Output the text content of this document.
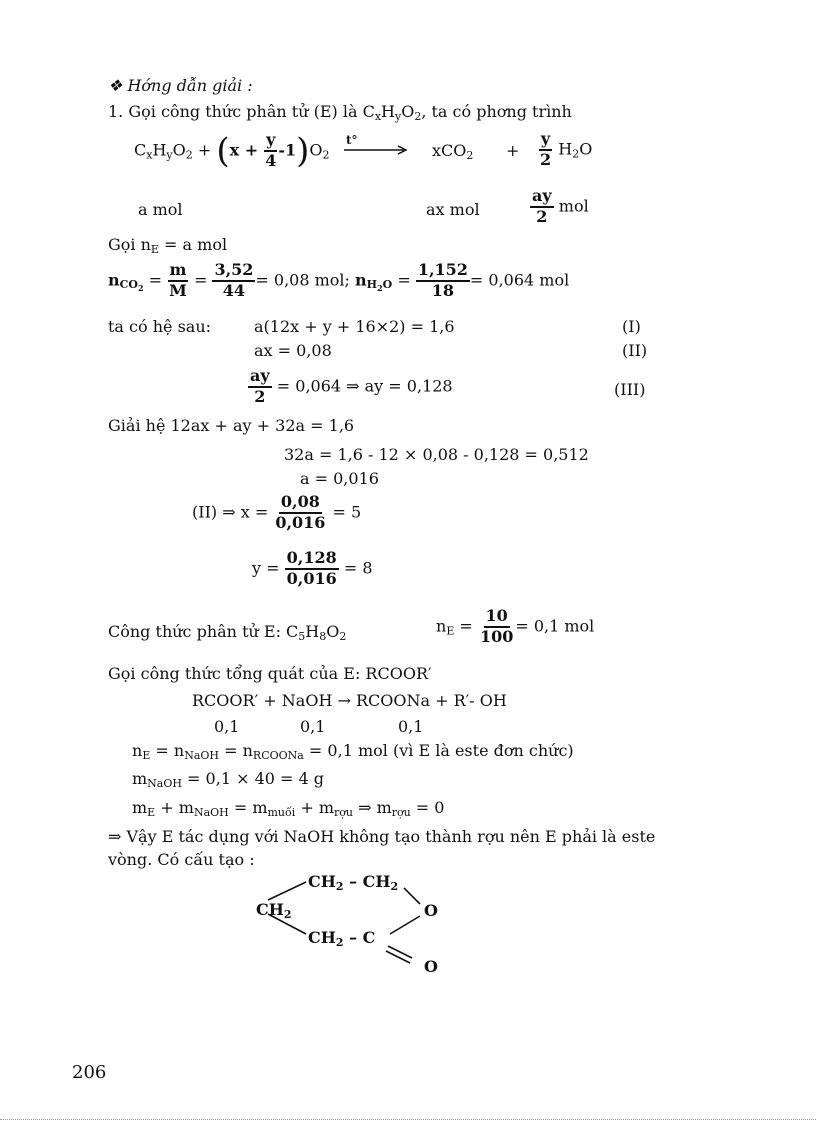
❖ Hớng dẫn giải :
1. Gọi công thức phân tử (E) là $C_xH_yO_2$, ta có phơng trình
$C_xH_yO_2 + (x + \frac{y}{4} -1)O_2$
t°
$xCO_2 + \frac{y}{2} H_2O$
a mol	ax mol	$\frac{ay}{2}$ mol
Gọi $n_E = a$ mol
$n_{CO_2} = \frac{m}{M} = \frac{3,52}{44} = 0,08$ mol; $n_{H_2O} = \frac{1,152}{18} = 0,064$ mol
ta có hệ sau:	a(12x + y + 16×2) = 1,6	(I)
ax = 0,08	(II)
$\frac{ay}{2} = 0,064$ ⇒ ay = 0,128	(III)
Giải hệ 12ax + ay + 32a = 1,6
32a = 1,6 - 12 × 0,08 - 0,128 = 0,512
a = 0,016
(II) ⇒ $x = \frac{0,08}{0,016} = 5$
$y = \frac{0,128}{0,016} = 8$
Công thức phân tử E: $C_5H_8O_2$
$n_E = \frac{10}{100} = 0,1$ mol
Gọi công thức tổng quát của E: RCOOR′
RCOOR′ + NaOH → RCOONa + R′- OH
0,1	0,1	0,1
$n_E = n_{NaOH} = n_{RCOONa} = 0,1$ mol (vì E là este đơn chức)
$m_{NaOH} = 0,1 \times 40 = 4$ g
$m_E + m_{NaOH} = m_{muối} + m_{rợu}$ ⇒ $m_{rợu} = 0$
⇒ Vậy E tác dụng với NaOH không tạo thành rợu nên E phải là este
vòng. Có cấu tạo :
$CH_2 - CH_2$
$CH_2$	O
$CH_2$ – C
O
206
